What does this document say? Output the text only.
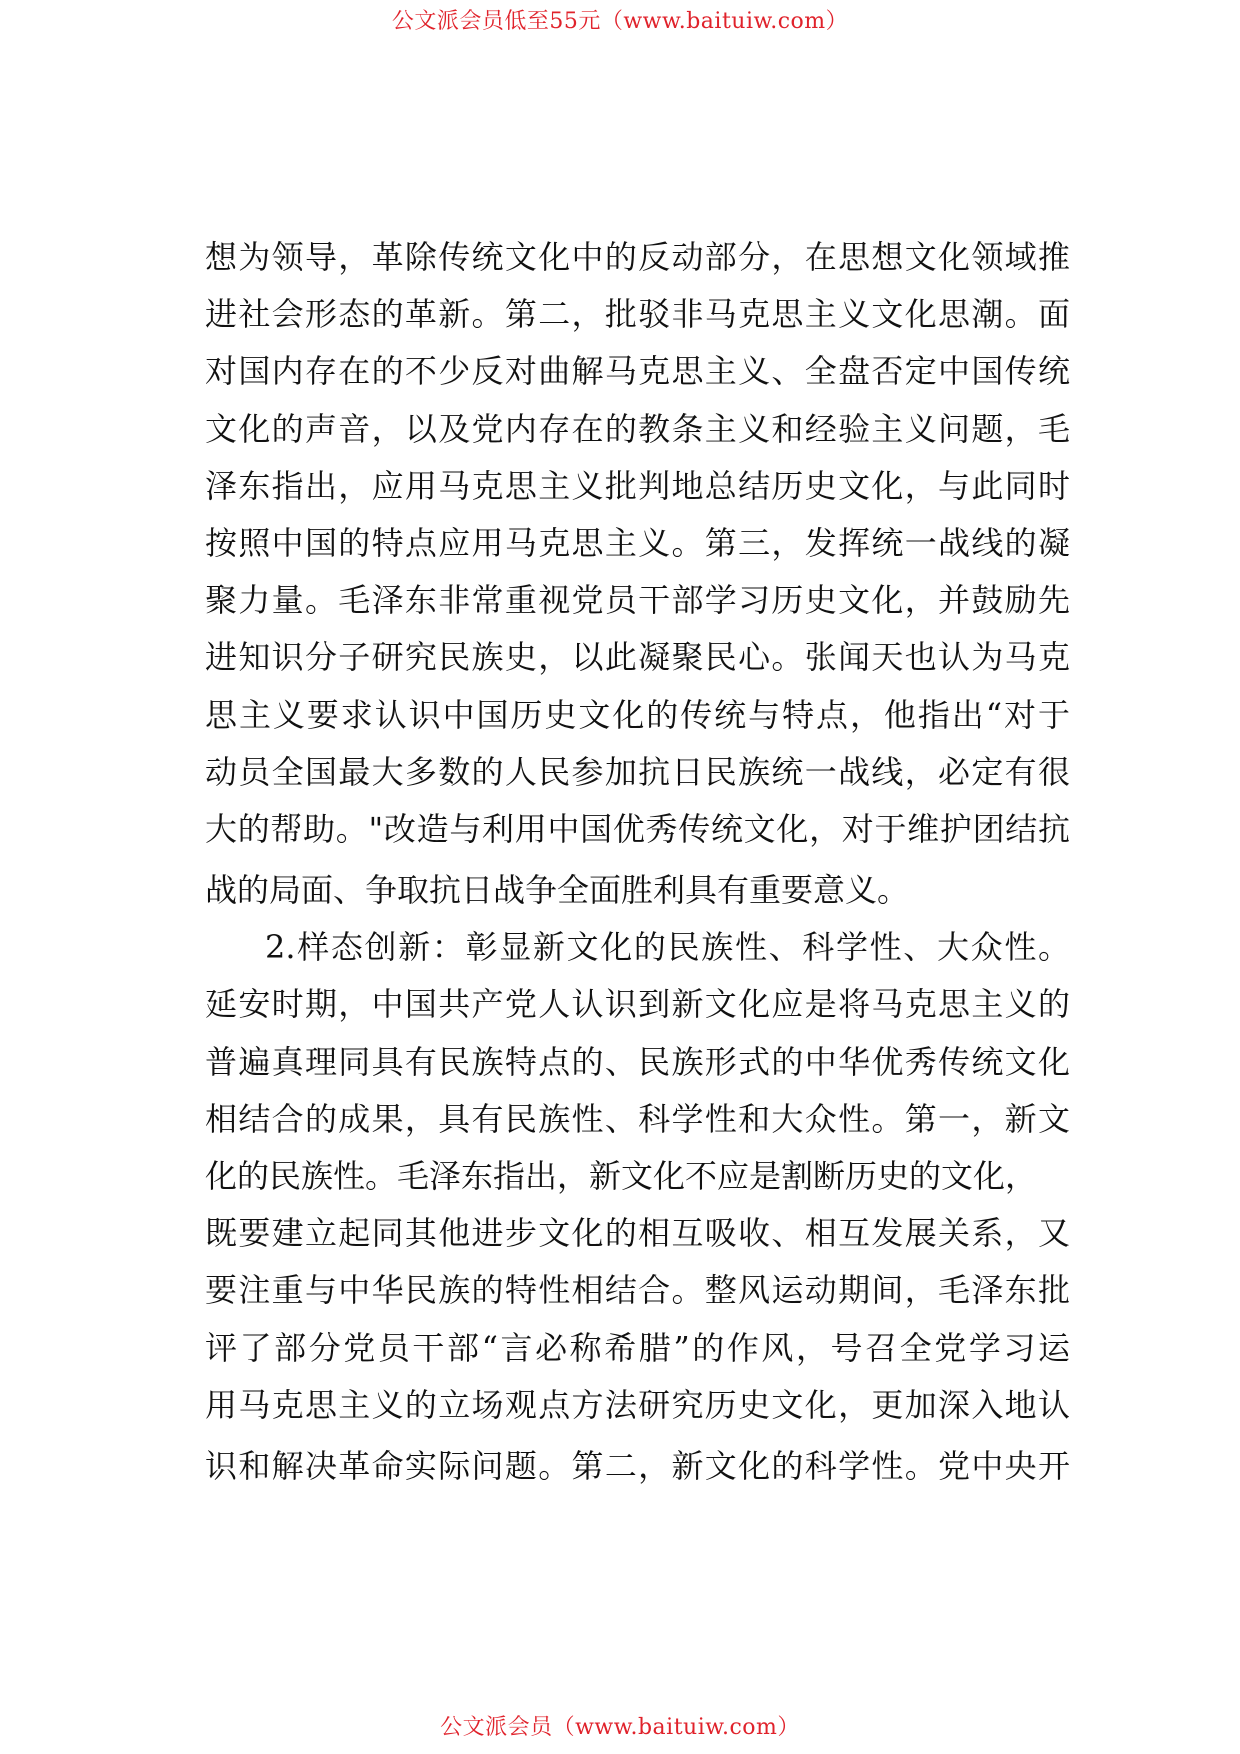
公文派会员低至55元（www.baituiw.com）
想为领导，革除传统文化中的反动部分，在思想文化领域推
进社会形态的革新。第二，批驳非马克思主义文化思潮。面
对国内存在的不少反对曲解马克思主义、全盘否定中国传统
文化的声音，以及党内存在的教条主义和经验主义问题，毛
泽东指出，应用马克思主义批判地总结历史文化，与此同时
按照中国的特点应用马克思主义。第三，发挥统一战线的凝
聚力量。毛泽东非常重视党员干部学习历史文化，并鼓励先
进知识分子研究民族史，以此凝聚民心。张闻天也认为马克
思主义要求认识中国历史文化的传统与特点，他指出“对于
动员全国最大多数的人民参加抗日民族统一战线，必定有很
大的帮助。"改造与利用中国优秀传统文化，对于维护团结抗
战的局面、争取抗日战争全面胜利具有重要意义。
2.样态创新：彰显新文化的民族性、科学性、大众性。
延安时期，中国共产党人认识到新文化应是将马克思主义的
普遍真理同具有民族特点的、民族形式的中华优秀传统文化
相结合的成果，具有民族性、科学性和大众性。第一，新文
化的民族性。毛泽东指出，新文化不应是割断历史的文化，
既要建立起同其他进步文化的相互吸收、相互发展关系，又
要注重与中华民族的特性相结合。整风运动期间，毛泽东批
评了部分党员干部“言必称希腊”的作风，号召全党学习运
用马克思主义的立场观点方法研究历史文化，更加深入地认
识和解决革命实际问题。第二，新文化的科学性。党中央开
公文派会员（www.baituiw.com）
